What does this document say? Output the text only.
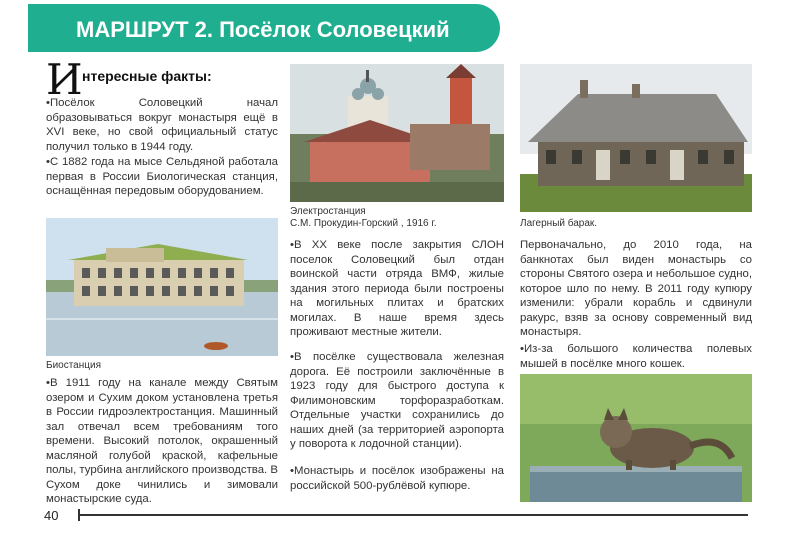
МАРШРУТ 2. Посёлок Соловецкий
И нтересные факты:

•Посёлок Соловецкий начал образовываться вокруг монастыря ещё в XVI веке, но свой официальный статус получил только в 1944 году.

•С 1882 года на мысе Сельдяной работала первая в России Биологическая станция, оснащённая передовым оборудованием.

Биостанция

•В 1911 году на канале между Святым озером и Сухим доком установлена третья в России гидроэлектростанция. Машинный зал отвечал всем требованиям того времени. Высокий потолок, окрашенный масляной голубой краской, кафельные полы, турбина английского производства. В Сухом доке чинились и зимовали монастырские суда.

Электростанция

С.М. Прокудин-Горский , 1916 г.

•В XX веке после закрытия СЛОН поселок Соловецкий был отдан воинской части отряда ВМФ, жилые здания этого периода были построены на могильных плитах и братских могилах. В наше время здесь проживают местные жители.

•В посёлке существовала железная дорога. Её построили заключённые в 1923 году для быстрого доступа к Филимоновским торфоразработкам. Отдельные участки сохранились до наших дней (за территорией аэропорта у поворота к лодочной станции).

•Монастырь и посёлок изображены на российской 500-рублёвой купюре.

Лагерный барак.

Первоначально, до 2010 года, на банкнотах был виден монастырь со стороны Святого озера и небольшое судно, которое шло по нему. В 2011 году купюру изменили: убрали корабль и сдвинули ракурс, взяв за основу современный вид монастыря.

•Из-за большого количества полевых мышей в посёлке много кошек.

40
